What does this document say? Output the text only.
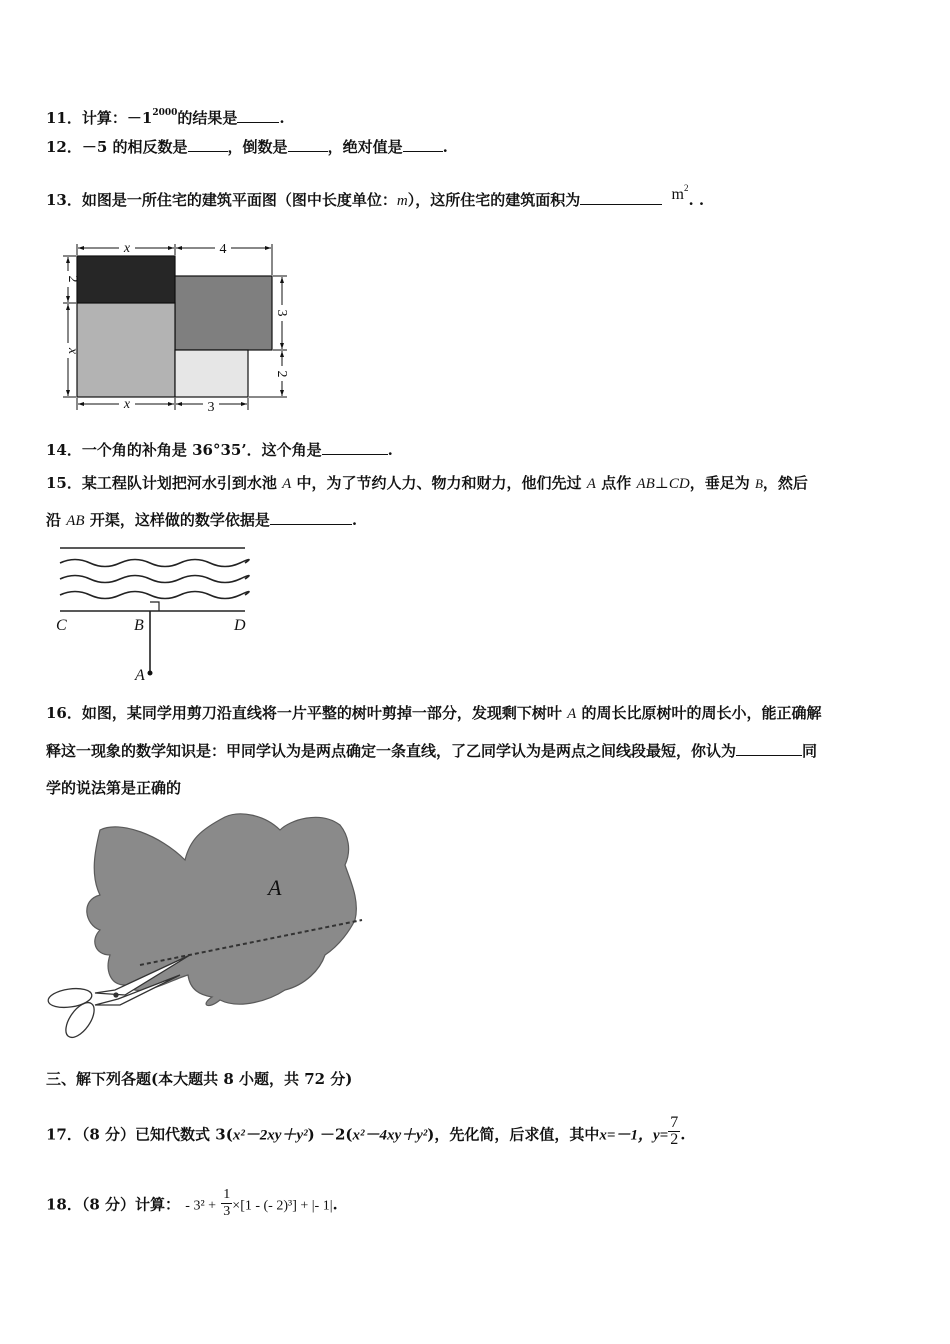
11．计算：$-1^{2000}$的结果是	.
12．－5 的相反数是	，倒数是	，绝对值是	.
13．如图是一所住宅的建筑平面图（图中长度单位：m），这所住宅的建筑面积为	$m^2$. .
x	4
2
x
3
2
x	3
14．一个角的补角是 36°35’．这个角是	.
15．某工程队计划把河水引到水池 A 中，为了节约人力、物力和财力，他们先过 A 点作 AB⊥CD，垂足为 B，然后
沿 AB 开渠，这样做的数学依据是	.
C	B	D
A
16．如图，某同学用剪刀沿直线将一片平整的树叶剪掉一部分，发现剩下树叶 A 的周长比原树叶的周长小，能正确解
释这一现象的数学知识是：甲同学认为是两点确定一条直线，了乙同学认为是两点之间线段最短，你认为	同
学的说法第是正确的
A
三、解下列各题(本大题共 8 小题，共 72 分)
17．（8 分）已知代数式 3(x²－2xy＋y²) －2(x²－4xy＋y²)，先化简，后求值，其中x=－1，$y= \frac{7}{2}$ .
18．（8 分）计算： - $3^2 + \frac{1}{3} \times[1$ - (- 2)³] + |- 1|.
